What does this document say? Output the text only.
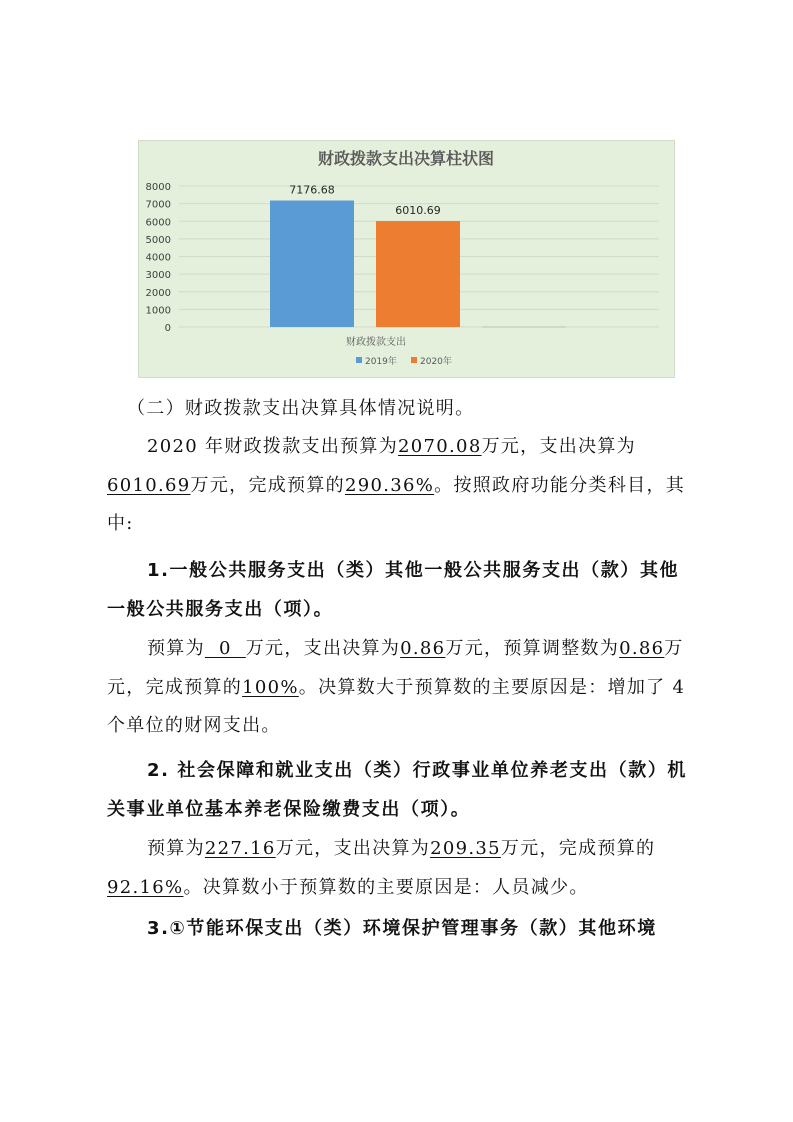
财政拨款支出决算柱状图
0
1000
2000
3000
4000
5000
6000
7000
8000	7176.68
6010.69
财政拨款支出
2019年	2020年

（二）财政拨款支出决算具体情况说明。

2020 年财政拨款支出预算为2070.08万元，支出决算为6010.69万元，完成预算的290.36%。按照政府功能分类科目，其中:

1.一般公共服务支出（类）其他一般公共服务支出（款）其他一般公共服务支出（项）。

预算为  0  万元，支出决算为0.86万元，预算调整数为0.86万元，完成预算的100%。决算数大于预算数的主要原因是：增加了 4 个单位的财网支出。

2. 社会保障和就业支出（类）行政事业单位养老支出（款）机关事业单位基本养老保险缴费支出（项）。

预算为227.16万元，支出决算为209.35万元，完成预算的92.16%。决算数小于预算数的主要原因是：人员减少。

3.①节能环保支出（类）环境保护管理事务（款）其他环境
